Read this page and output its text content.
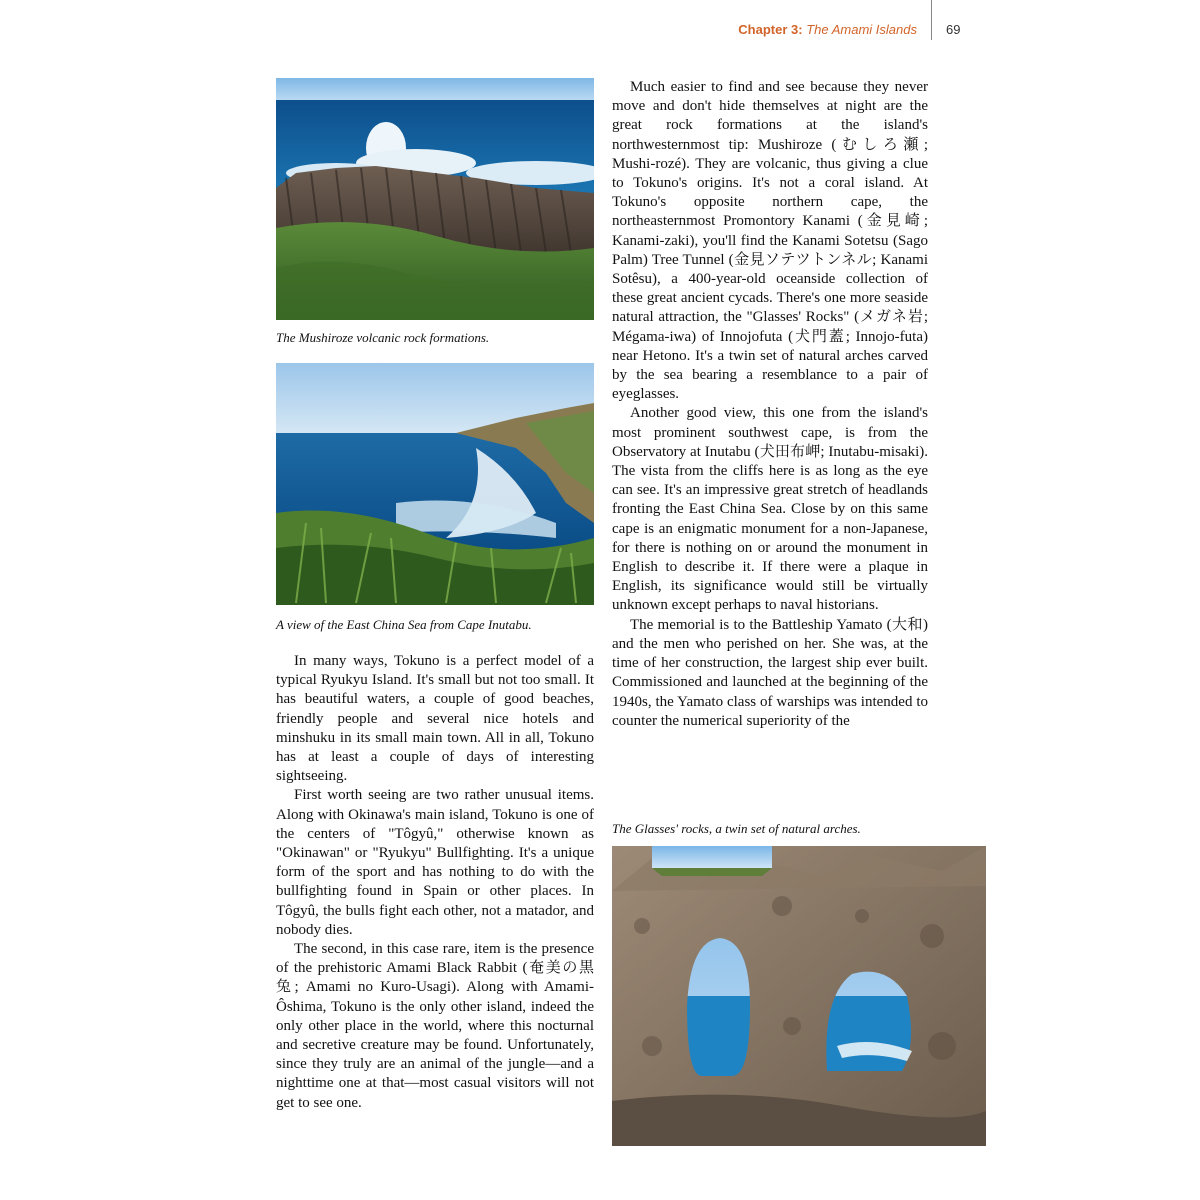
Chapter 3: The Amami Islands 69
The Mushiroze volcanic rock formations.
A view of the East China Sea from Cape Inutabu.

In many ways, Tokuno is a perfect model of a typical Ryukyu Island. It's small but not too small. It has beautiful waters, a couple of good beaches, friendly people and several nice hotels and minshuku in its small main town. All in all, Tokuno has at least a couple of days of interesting sightseeing.

First worth seeing are two rather unusual items. Along with Okinawa's main island, Tokuno is one of the centers of "Tôgyû," otherwise known as "Okinawan" or "Ryukyu" Bullfighting. It's a unique form of the sport and has nothing to do with the bullfighting found in Spain or other places. In Tôgyû, the bulls fight each other, not a matador, and nobody dies.

The second, in this case rare, item is the presence of the prehistoric Amami Black Rabbit (奄美の黒兔; Amami no Kuro-Usagi). Along with Amami-Ôshima, Tokuno is the only other island, indeed the only other place in the world, where this nocturnal and secretive creature may be found. Unfortunately, since they truly are an animal of the jungle—and a nighttime one at that—most casual visitors will not get to see one.

Much easier to find and see because they never move and don't hide themselves at night are the great rock formations at the island's northwesternmost tip: Mushiroze (むしろ瀬; Mushi-rozé). They are volcanic, thus giving a clue to Tokuno's origins. It's not a coral island. At Tokuno's opposite northern cape, the northeasternmost Promontory Kanami (金見崎; Kanami-zaki), you'll find the Kanami Sotetsu (Sago Palm) Tree Tunnel (金見ソテツトンネル; Kanami Sotêsu), a 400-year-old oceanside collection of these great ancient cycads. There's one more seaside natural attraction, the "Glasses' Rocks" (メガネ岩; Mégama-iwa) of Innojofuta (犬門蓋; Innojo-futa) near Hetono. It's a twin set of natural arches carved by the sea bearing a resemblance to a pair of eyeglasses.

Another good view, this one from the island's most prominent southwest cape, is from the Observatory at Inutabu (犬田布岬; Inutabu-misaki). The vista from the cliffs here is as long as the eye can see. It's an impressive great stretch of headlands fronting the East China Sea. Close by on this same cape is an enigmatic monument for a non-Japanese, for there is nothing on or around the monument in English to describe it. If there were a plaque in English, its significance would still be virtually unknown except perhaps to naval historians.

The memorial is to the Battleship Yamato (大和) and the men who perished on her. She was, at the time of her construction, the largest ship ever built. Commissioned and launched at the beginning of the 1940s, the Yamato class of warships was intended to counter the numerical superiority of the

The Glasses' rocks, a twin set of natural arches.
